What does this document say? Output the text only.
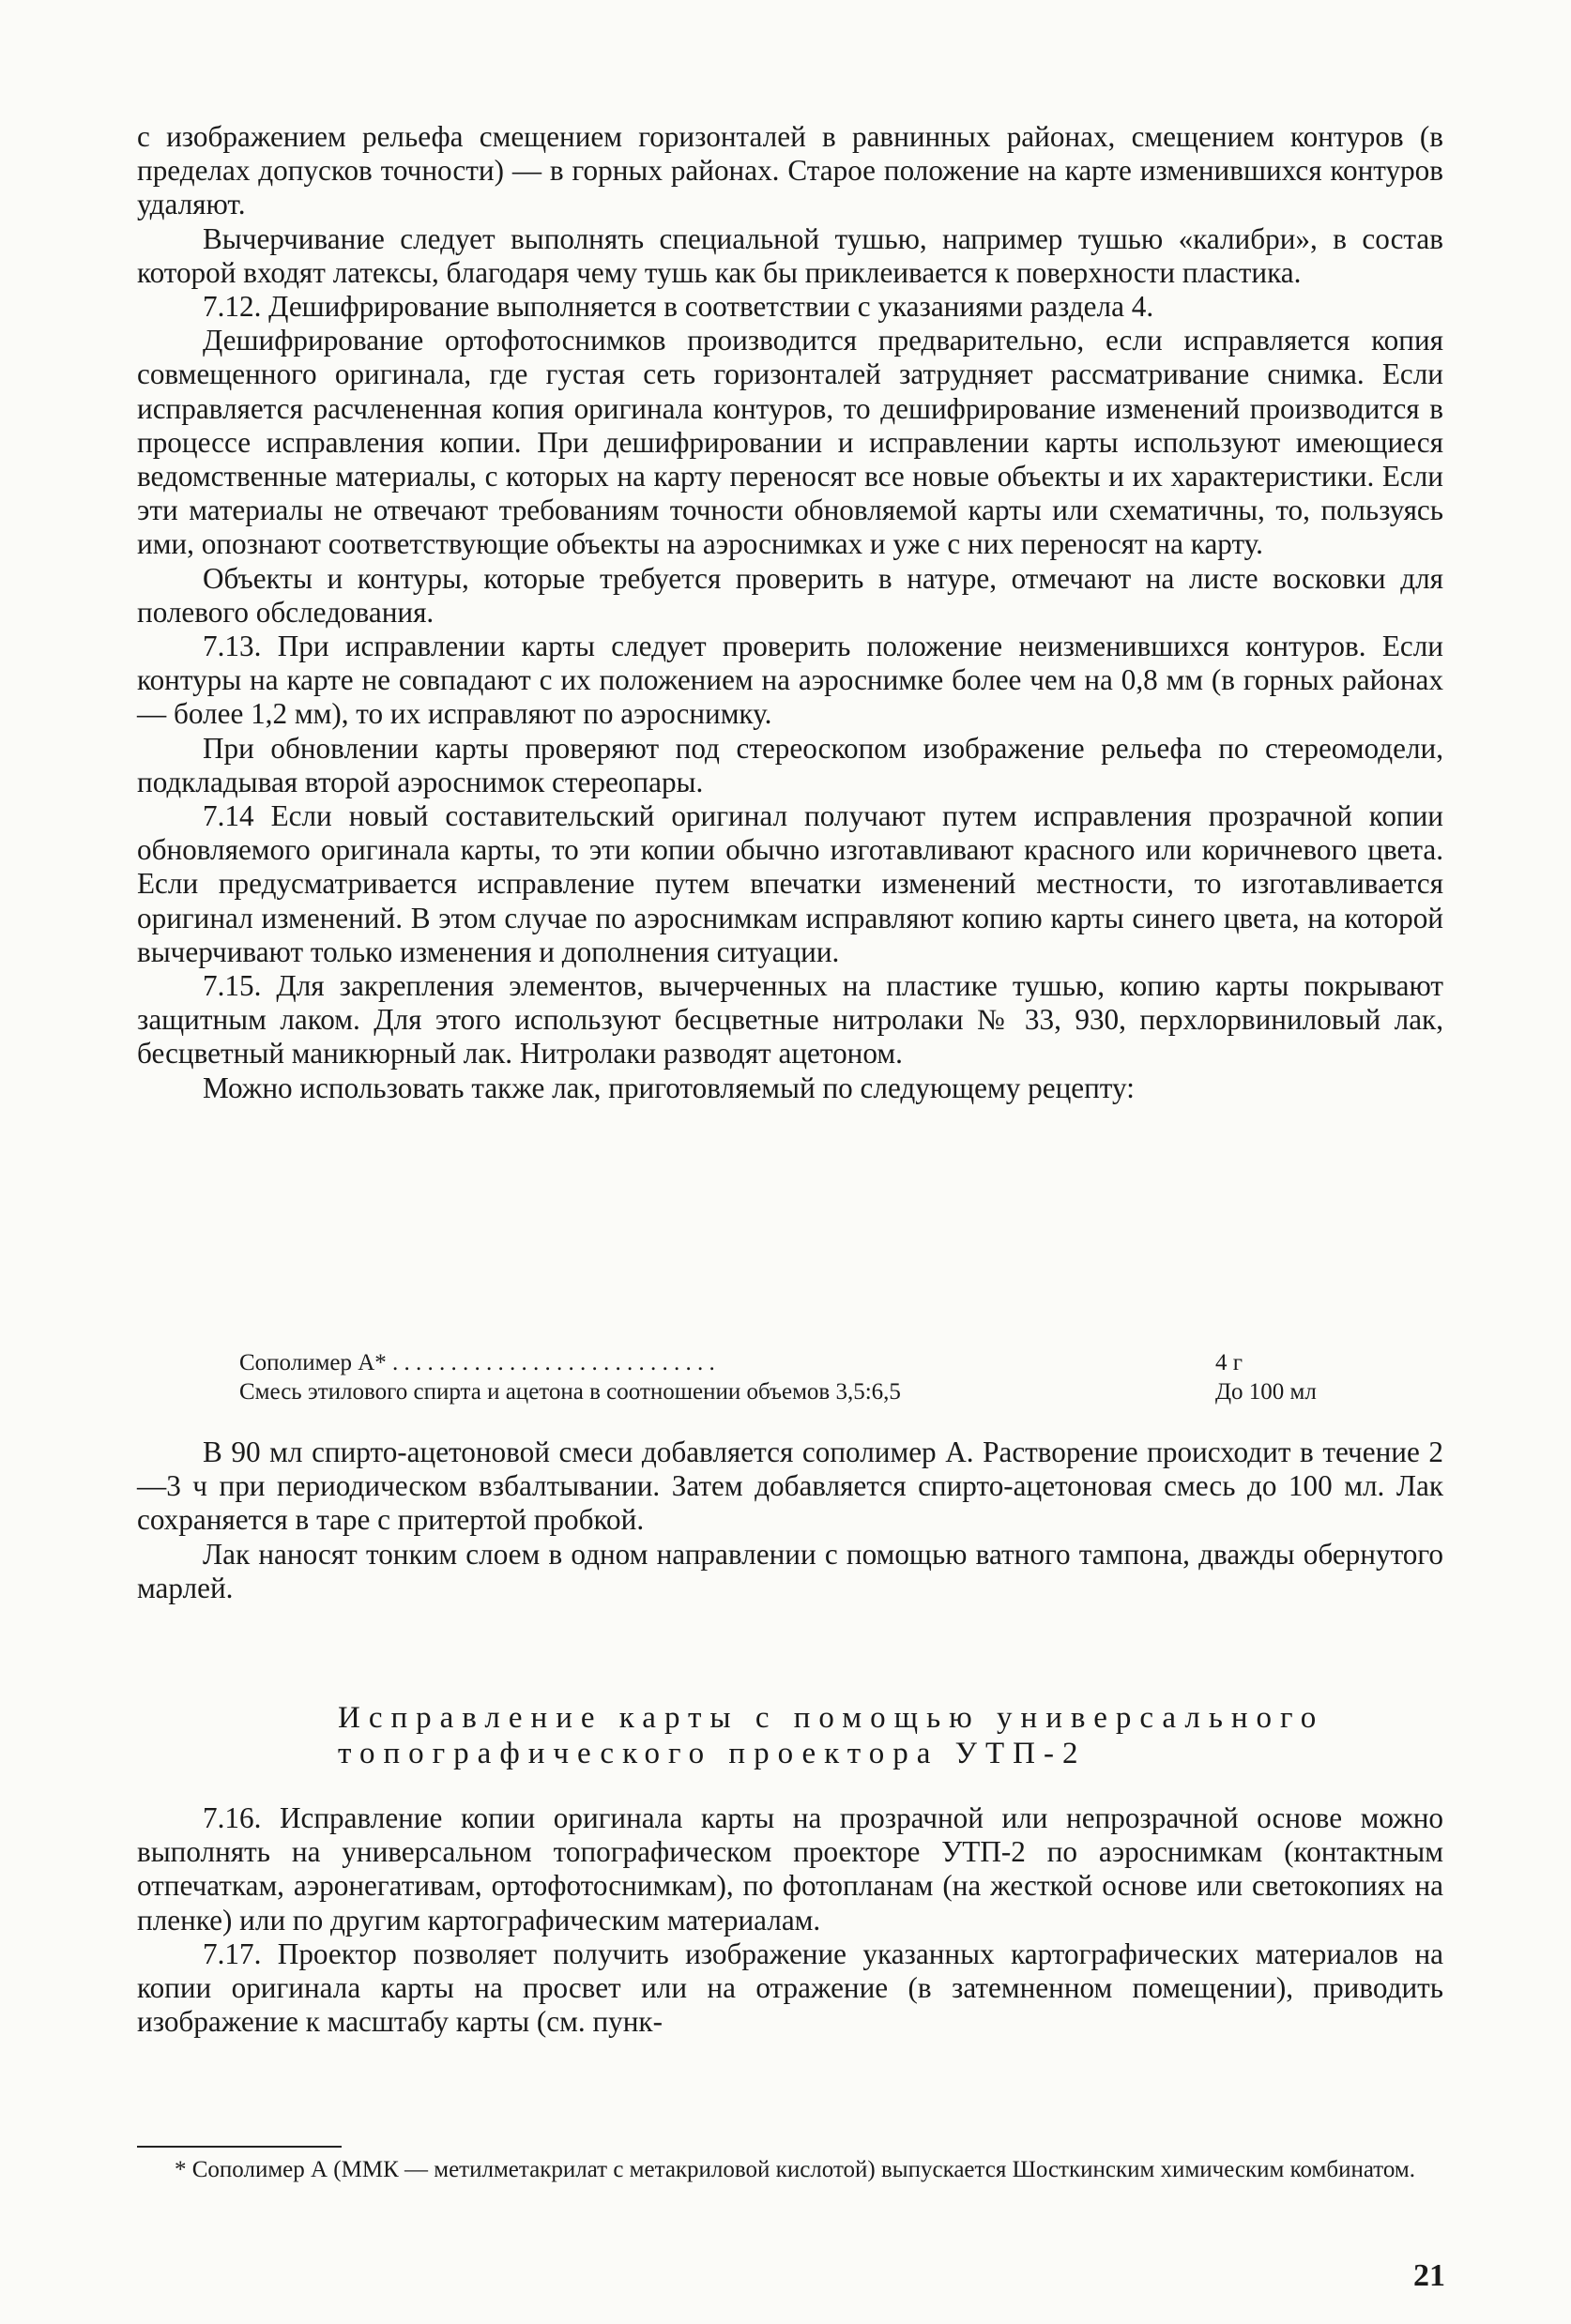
с изображением рельефа смещением горизонталей в равнинных районах, смещением контуров (в пределах допусков точности) — в горных районах. Старое положение на карте изменившихся контуров удаляют.

Вычерчивание следует выполнять специальной тушью, например тушью «калибри», в состав которой входят латексы, благодаря чему тушь как бы приклеивается к поверхности пластика.

7.12. Дешифрирование выполняется в соответствии с указаниями раздела 4.

Дешифрирование ортофотоснимков производится предварительно, если исправляется копия совмещенного оригинала, где густая сеть горизонталей затрудняет рассматривание снимка. Если исправляется расчлененная копия оригинала контуров, то дешифрирование изменений производится в процессе исправления копии. При дешифрировании и исправлении карты используют имеющиеся ведомственные материалы, с которых на карту переносят все новые объекты и их характеристики. Если эти материалы не отвечают требованиям точности обновляемой карты или схематичны, то, пользуясь ими, опознают соответствующие объекты на аэроснимках и уже с них переносят на карту.

Объекты и контуры, которые требуется проверить в натуре, отмечают на листе восковки для полевого обследования.

7.13. При исправлении карты следует проверить положение неизменившихся контуров. Если контуры на карте не совпадают с их положением на аэроснимке более чем на 0,8 мм (в горных районах — более 1,2 мм), то их исправляют по аэроснимку.

При обновлении карты проверяют под стереоскопом изображение рельефа по стереомодели, подкладывая второй аэроснимок стереопары.

7.14 Если новый составительский оригинал получают путем исправления прозрачной копии обновляемого оригинала карты, то эти копии обычно изготавливают красного или коричневого цвета. Если предусматривается исправление путем впечатки изменений местности, то изготавливается оригинал изменений. В этом случае по аэроснимкам исправляют копию карты синего цвета, на которой вычерчивают только изменения и дополнения ситуации.

7.15. Для закрепления элементов, вычерченных на пластике тушью, копию карты покрывают защитным лаком. Для этого используют бесцветные нитролаки № 33, 930, перхлорвиниловый лак, бесцветный маникюрный лак. Нитролаки разводят ацетоном.

Можно использовать также лак, приготовляемый по следующему рецепту:

Сополимер А* . . . . . . . . . . . . . . . . . . . . . . . . . . . .	4 г
Смесь этилового спирта и ацетона в соотношении объемов 3,5:6,5	До 100 мл

В 90 мл спирто-ацетоновой смеси добавляется сополимер А. Растворение происходит в течение 2—3 ч при периодическом взбалтывании. Затем добавляется спирто-ацетоновая смесь до 100 мл. Лак сохраняется в таре с притертой пробкой.

Лак наносят тонким слоем в одном направлении с помощью ватного тампона, дважды обернутого марлей.

Исправление карты с помощью универсального топографического проектора УТП-2

7.16. Исправление копии оригинала карты на прозрачной или непрозрачной основе можно выполнять на универсальном топографическом проекторе УТП-2 по аэроснимкам (контактным отпечаткам, аэронегативам, ортофотоснимкам), по фотопланам (на жесткой основе или светокопиях на пленке) или по другим картографическим материалам.

7.17. Проектор позволяет получить изображение указанных картографических материалов на копии оригинала карты на просвет или на отражение (в затемненном помещении), приводить изображение к масштабу карты (см. пунк-

* Сополимер А (ММК — метилметакрилат с метакриловой кислотой) выпускается Шосткинским химическим комбинатом.
21
